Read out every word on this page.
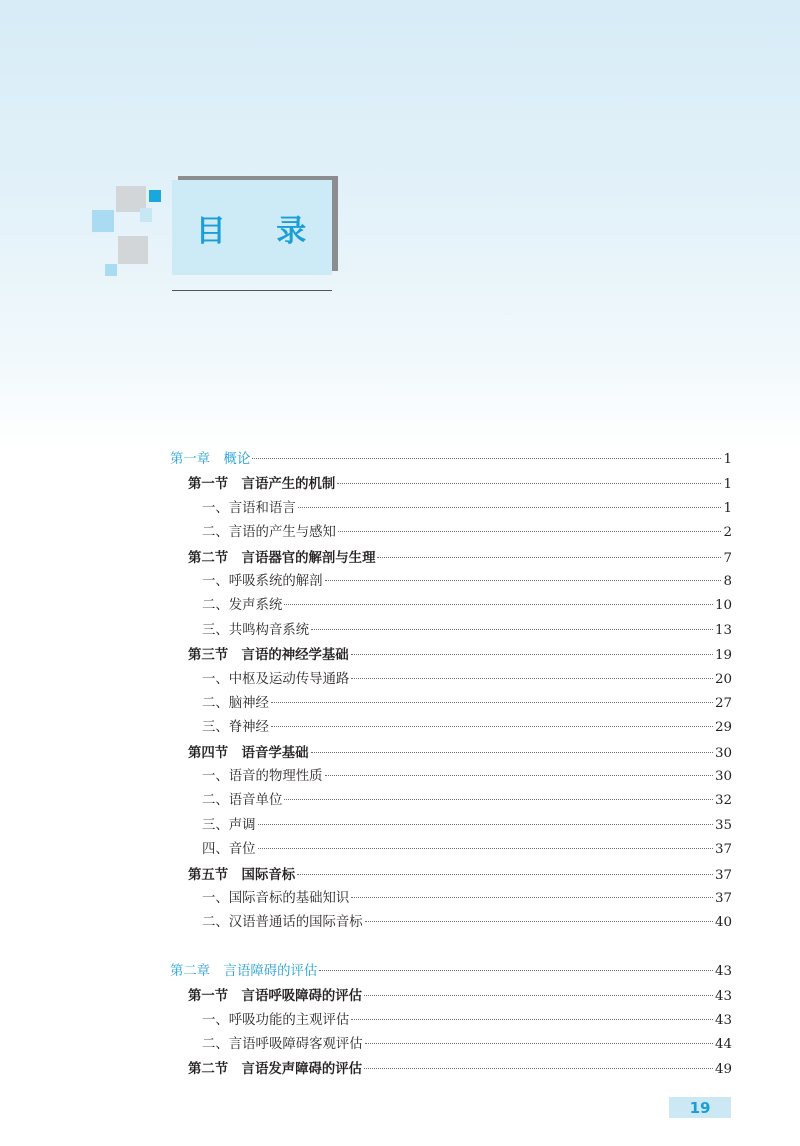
目 录
第一章　概论	1
第一节　言语产生的机制	1
一、言语和语言	1
二、言语的产生与感知	2
第二节　言语器官的解剖与生理	7
一、呼吸系统的解剖	8
二、发声系统	10
三、共鸣构音系统	13
第三节　言语的神经学基础	19
一、中枢及运动传导通路	20
二、脑神经	27
三、脊神经	29
第四节　语音学基础	30
一、语音的物理性质	30
二、语音单位	32
三、声调	35
四、音位	37
第五节　国际音标	37
一、国际音标的基础知识	37
二、汉语普通话的国际音标	40
第二章　言语障碍的评估	43
第一节　言语呼吸障碍的评估	43
一、呼吸功能的主观评估	43
二、言语呼吸障碍客观评估	44
第二节　言语发声障碍的评估	49
19
